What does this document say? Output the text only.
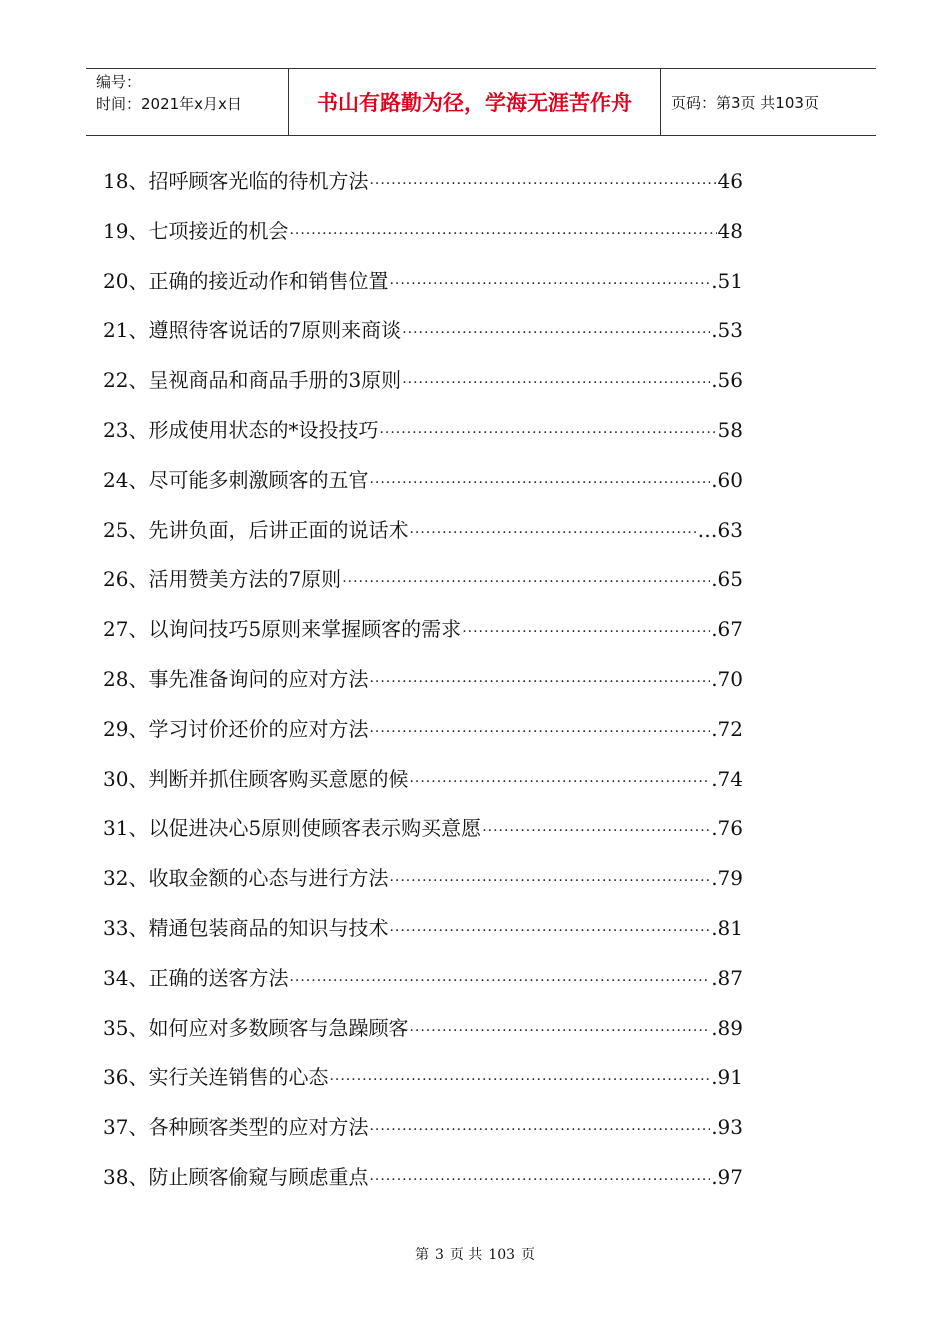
编号：
时间：2021年x月x日	书山有路勤为径，学海无涯苦作舟	页码：第3页 共103页
18 、 招呼顾客光临的待机方法 ·····	46
19 、 七项接近的机会 ·····	48
20 、 正确的接近动作和销售位置 ·····	.51
21 、 遵照待客说话的7原则来商谈 ·····	.53
22 、 呈视商品和商品手册的3原则 ·····	.56
23 、 形成使用状态的*设投技巧 ·····	58
24 、 尽可能多刺激顾客的五官 ·····	.60
25 、 先讲负面，后讲正面的说话术 ·····	…63
26 、 活用赞美方法的7原则 ·····	.65
27 、 以询问技巧5原则来掌握顾客的需求 ·····	.67
28 、 事先准备询问的应对方法 ·····	.70
29 、 学习讨价还价的应对方法 ·····	.72
30 、 判断并抓住顾客购买意愿的候 ·····	.74
31 、 以促进决心5原则使顾客表示购买意愿 ·····	.76
32 、 收取金额的心态与进行方法 ·····	.79
33 、 精通包装商品的知识与技术 ·····	.81
34 、 正确的送客方法 ·····	.87
35 、 如何应对多数顾客与急躁顾客 ·····	.89
36 、 实行关连销售的心态 ·····	.91
37 、 各种顾客类型的应对方法 ·····	.93
38 、 防止顾客偷窥与顾虑重点 ·····	.97
第 3 页 共 103 页
